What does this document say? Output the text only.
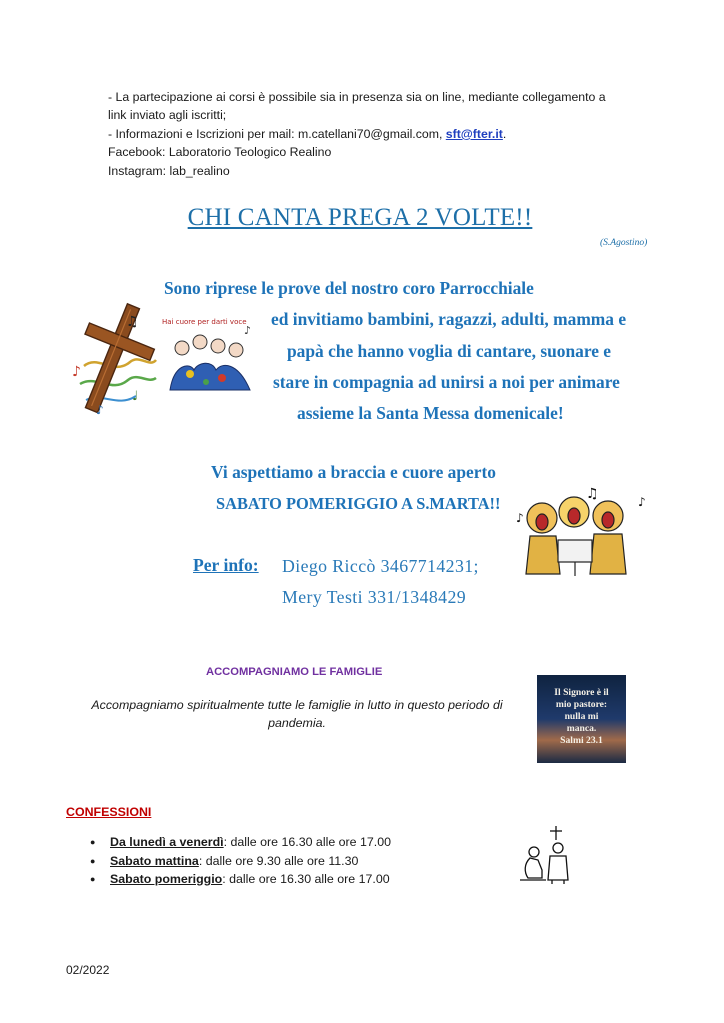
- La partecipazione ai corsi è possibile sia in presenza sia on line, mediante collegamento a
link inviato agli iscritti;
- Informazioni e Iscrizioni per mail: m.catellani70@gmail.com, sft@fter.it.
Facebook: Laboratorio Teologico Realino
Instagram: lab_realino
CHI CANTA PREGA 2 VOLTE!!
(S.Agostino)
Sono riprese le prove del nostro coro Parrocchiale
ed invitiamo bambini, ragazzi, adulti, mamma e
papà che hanno voglia di cantare, suonare e
stare in compagnia ad unirsi a noi per animare
assieme la Santa Messa domenicale!
Vi aspettiamo a braccia e cuore aperto
SABATO POMERIGGIO A S.MARTA!!
Per info: Diego Riccò 3467714231;
Mery Testi 331/1348429
♪
♫
♩
♪
Hai cuore per darti voce
♪
♫
♪
♪
ACCOMPAGNIAMO LE FAMIGLIE
Accompagniamo spiritualmente tutte le famiglie in lutto in questo periodo di pandemia.
Il Signore è il
mio pastore:
nulla mi
manca.
Salmi 23.1
CONFESSIONI
● Da lunedì a venerdì: dalle ore 16.30 alle ore 17.00
● Sabato mattina: dalle ore 9.30 alle ore 11.30
● Sabato pomeriggio: dalle ore 16.30 alle ore 17.00
02/2022
